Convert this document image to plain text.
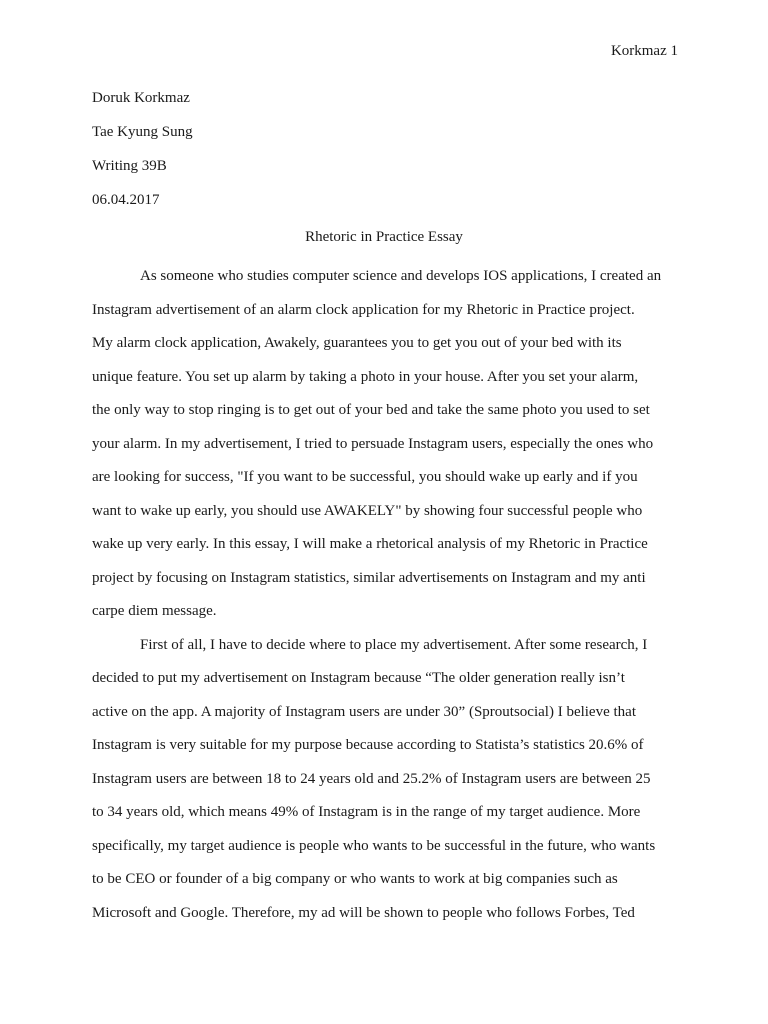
Korkmaz 1
Doruk Korkmaz
Tae Kyung Sung
Writing 39B
06.04.2017
Rhetoric in Practice Essay

As someone who studies computer science and develops IOS applications, I created an
Instagram advertisement of an alarm clock application for my Rhetoric in Practice project.
My alarm clock application, Awakely, guarantees you to get you out of your bed with its
unique feature. You set up alarm by taking a photo in your house. After you set your alarm,
the only way to stop ringing is to get out of your bed and take the same photo you used to set
your alarm. In my advertisement, I tried to persuade Instagram users, especially the ones who
are looking for success, "If you want to be successful, you should wake up early and if you
want to wake up early, you should use AWAKELY" by showing four successful people who
wake up very early. In this essay, I will make a rhetorical analysis of my Rhetoric in Practice
project by focusing on Instagram statistics, similar advertisements on Instagram and my anti
carpe diem message.

First of all, I have to decide where to place my advertisement. After some research, I
decided to put my advertisement on Instagram because “The older generation really isn’t
active on the app. A majority of Instagram users are under 30” (Sproutsocial) I believe that
Instagram is very suitable for my purpose because according to Statista’s statistics 20.6% of
Instagram users are between 18 to 24 years old and 25.2% of Instagram users are between 25
to 34 years old, which means 49% of Instagram is in the range of my target audience. More
specifically, my target audience is people who wants to be successful in the future, who wants
to be CEO or founder of a big company or who wants to work at big companies such as
Microsoft and Google. Therefore, my ad will be shown to people who follows Forbes, Ted
